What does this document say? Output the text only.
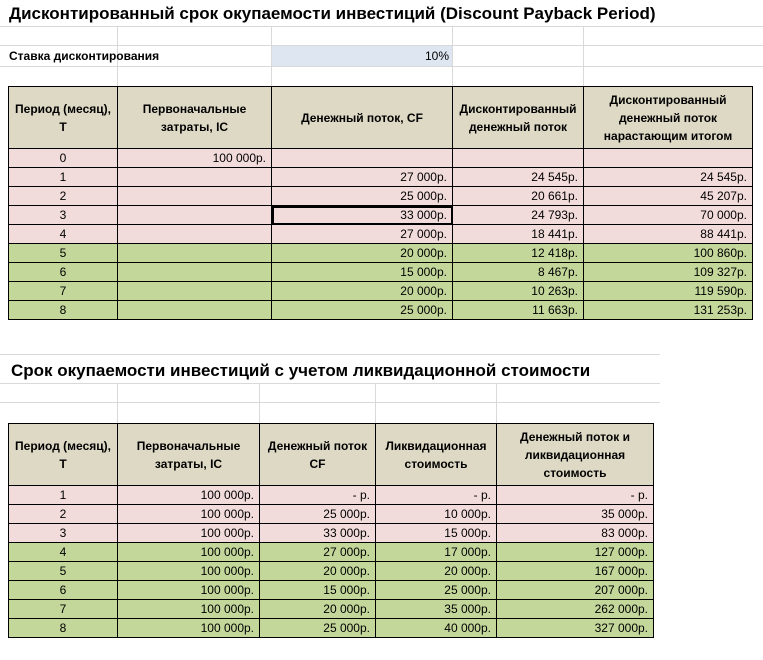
Дисконтированный срок окупаемости инвестиций (Discount Payback Period)
Ставка дисконтирования	10%
Период (месяц), T	Первоначальные затраты, IC	Денежный поток, CF	Дисконтированный денежный поток	Дисконтированный денежный поток нарастающим итогом
0	100 000р.			
1		27 000р.	24 545р.	24 545р.
2		25 000р.	20 661р.	45 207р.
3		33 000р.	24 793р.	70 000р.
4		27 000р.	18 441р.	88 441р.
5		20 000р.	12 418р.	100 860р.
6		15 000р.	8 467р.	109 327р.
7		20 000р.	10 263р.	119 590р.
8		25 000р.	11 663р.	131 253р.
Срок окупаемости инвестиций с учетом ликвидационной стоимости
Период (месяц), T	Первоначальные затраты, IC	Денежный поток CF	Ликвидационная стоимость	Денежный поток и ликвидационная стоимость
1	100 000р.	- р.	- р.	- р.
2	100 000р.	25 000р.	10 000р.	35 000р.
3	100 000р.	33 000р.	15 000р.	83 000р.
4	100 000р.	27 000р.	17 000р.	127 000р.
5	100 000р.	20 000р.	20 000р.	167 000р.
6	100 000р.	15 000р.	25 000р.	207 000р.
7	100 000р.	20 000р.	35 000р.	262 000р.
8	100 000р.	25 000р.	40 000р.	327 000р.
